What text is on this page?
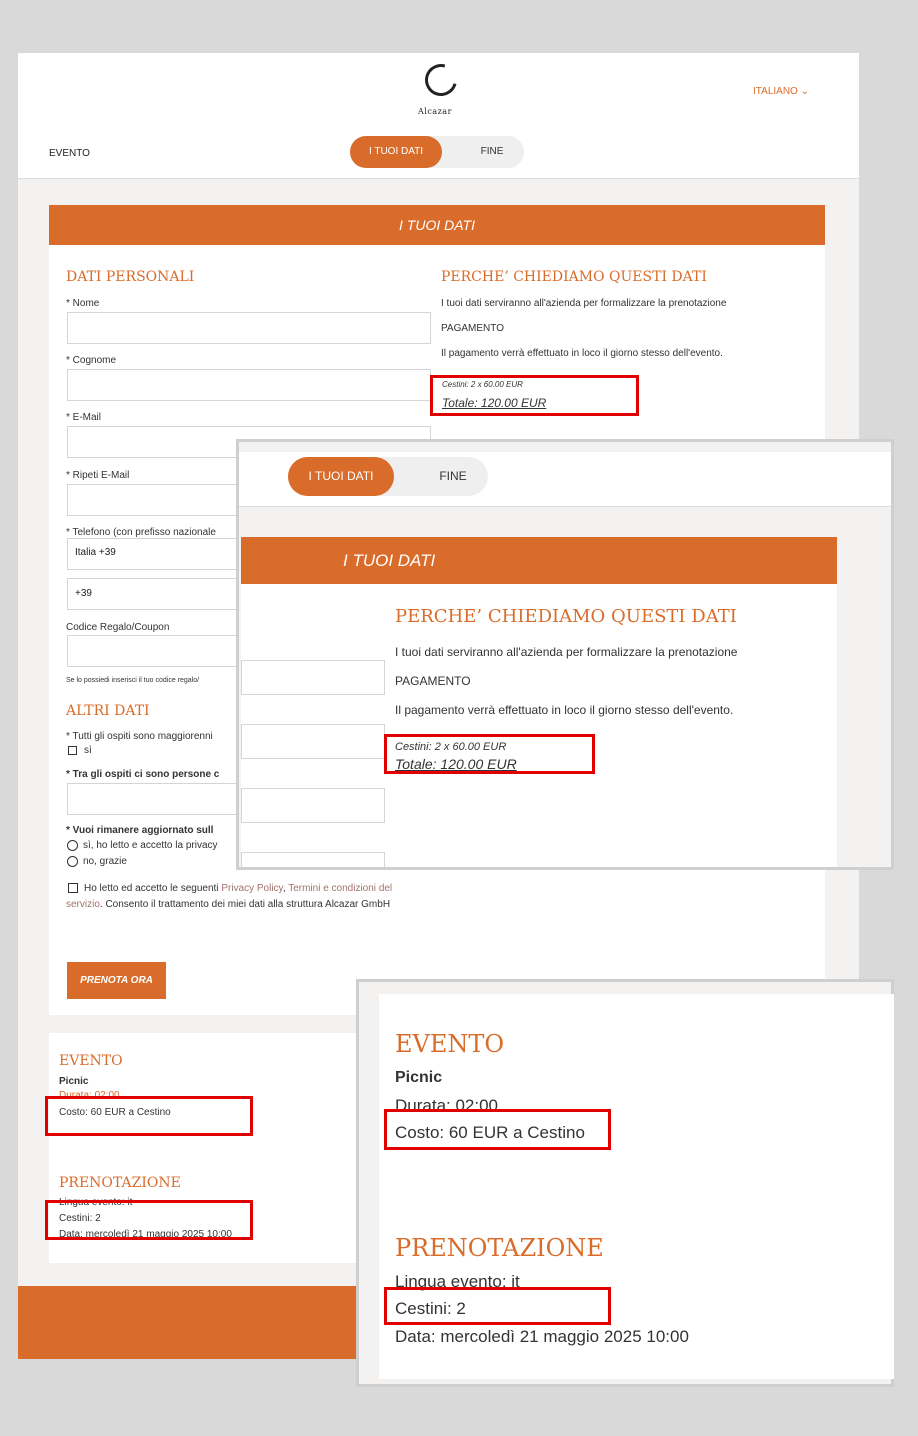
Alcazar
ITALIANO ⌄
EVENTO	I TUOI DATI	FINE
I TUOI DATI
DATI PERSONALI
* Nome
* Cognome
* E-Mail
* Ripeti E-Mail
* Telefono (con prefisso nazionale
Italia +39
+39
Codice Regalo/Coupon
Se lo possiedi inserisci il tuo codice regalo/
ALTRI DATI
* Tutti gli ospiti sono maggiorenni
sì
* Tra gli ospiti ci sono persone c
* Vuoi rimanere aggiornato sull
sì, ho letto e accetto la privacy
no, grazie
Ho letto ed accetto le seguenti Privacy Policy, Termini e condizioni del servizio. Consento il trattamento dei miei dati alla struttura Alcazar GmbH
PRENOTA ORA
PERCHE’ CHIEDIAMO QUESTI DATI
I tuoi dati serviranno all'azienda per formalizzare la prenotazione
PAGAMENTO
Il pagamento verrà effettuato in loco il giorno stesso dell'evento.
Cestini: 2 x 60.00 EUR
Totale: 120.00 EUR
EVENTO
Picnic
Durata: 02:00
Costo: 60 EUR a Cestino
PRENOTAZIONE
Lingua evento: it
Cestini: 2
Data: mercoledì 21 maggio 2025 10:00
I TUOI DATI	FINE
I TUOI DATI
PERCHE’ CHIEDIAMO QUESTI DATI
I tuoi dati serviranno all'azienda per formalizzare la prenotazione
PAGAMENTO
Il pagamento verrà effettuato in loco il giorno stesso dell'evento.
Cestini: 2 x 60.00 EUR
Totale: 120.00 EUR
EVENTO
Picnic
Durata: 02:00
Costo: 60 EUR a Cestino
PRENOTAZIONE
Lingua evento: it
Cestini: 2
Data: mercoledì 21 maggio 2025 10:00
